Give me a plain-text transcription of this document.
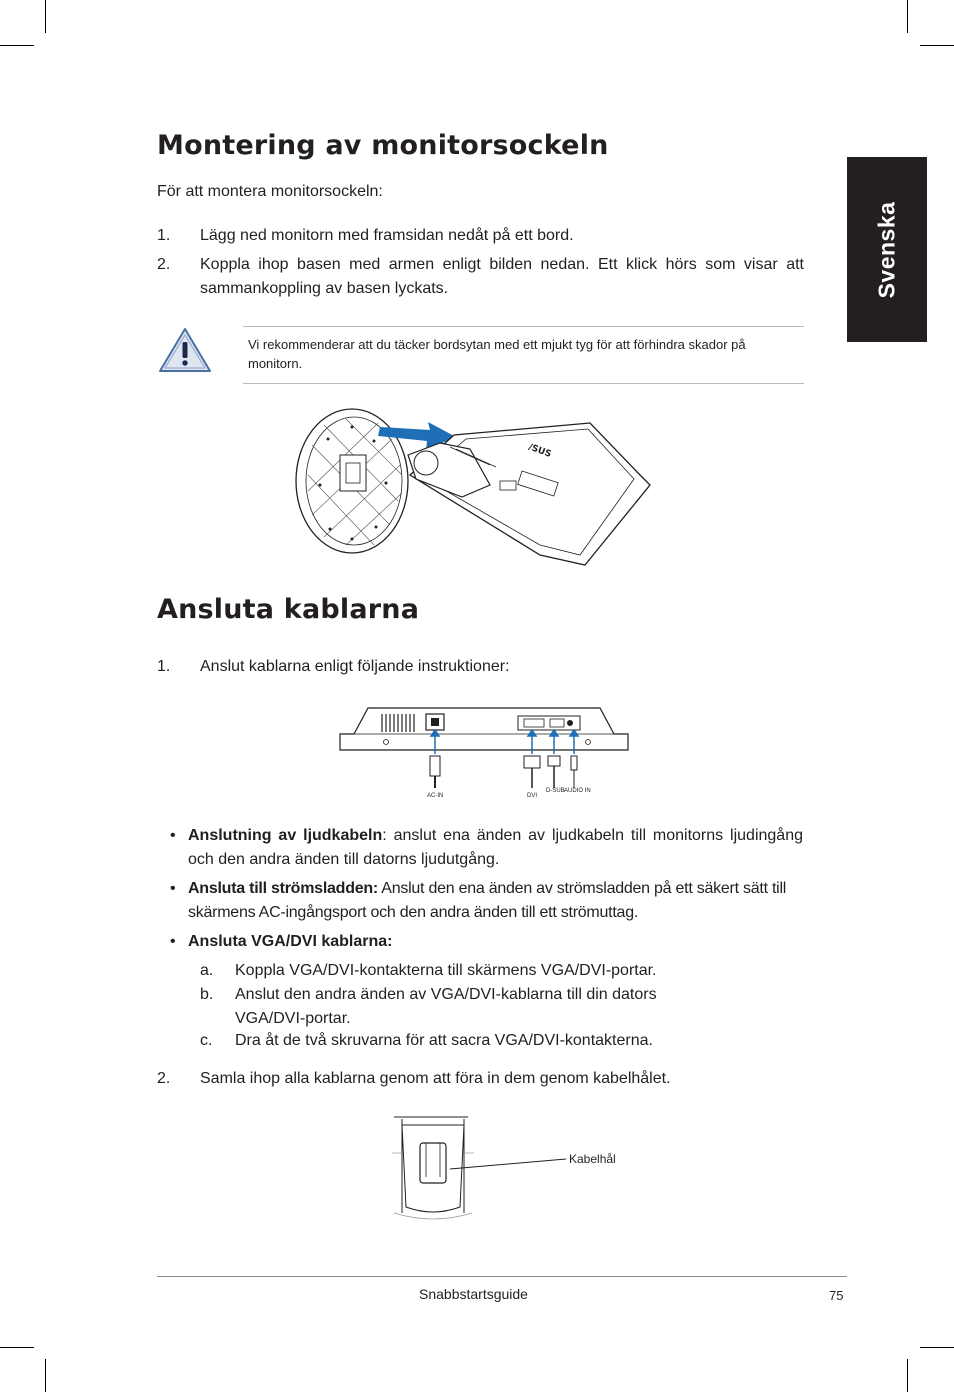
Svenska
Montering av monitorsockeln
För att montera monitorsockeln:
1. Lägg ned monitorn med framsidan nedåt på ett bord.
2. Koppla ihop basen med armen enligt bilden nedan. Ett klick hörs som visar att sammankoppling av basen lyckats.
Vi rekommenderar att du täcker bordsytan med ett mjukt tyg för att förhindra skador på monitorn.
/SUS
Ansluta kablarna
1. Anslut kablarna enligt följande instruktioner:
AC-IN	DVI
D-SUB AUDIO IN
• Anslutning av ljudkabeln: anslut ena änden av ljudkabeln till monitorns ljudingång och den andra änden till datorns ljudutgång.
• Ansluta till strömsladden: Anslut den ena änden av strömsladden på ett säkert sätt till skärmens AC-ingångsport och den andra änden till ett strömuttag.
• Ansluta VGA/DVI kablarna:
a. Koppla VGA/DVI-kontakterna till skärmens VGA/DVI-portar.
b. Anslut den andra änden av VGA/DVI-kablarna till din dators VGA/DVI-portar.
c. Dra åt de två skruvarna för att sacra VGA/DVI-kontakterna.
2. Samla ihop alla kablarna genom att föra in dem genom kabelhålet.
Kabelhål
Snabbstartsguide	75
